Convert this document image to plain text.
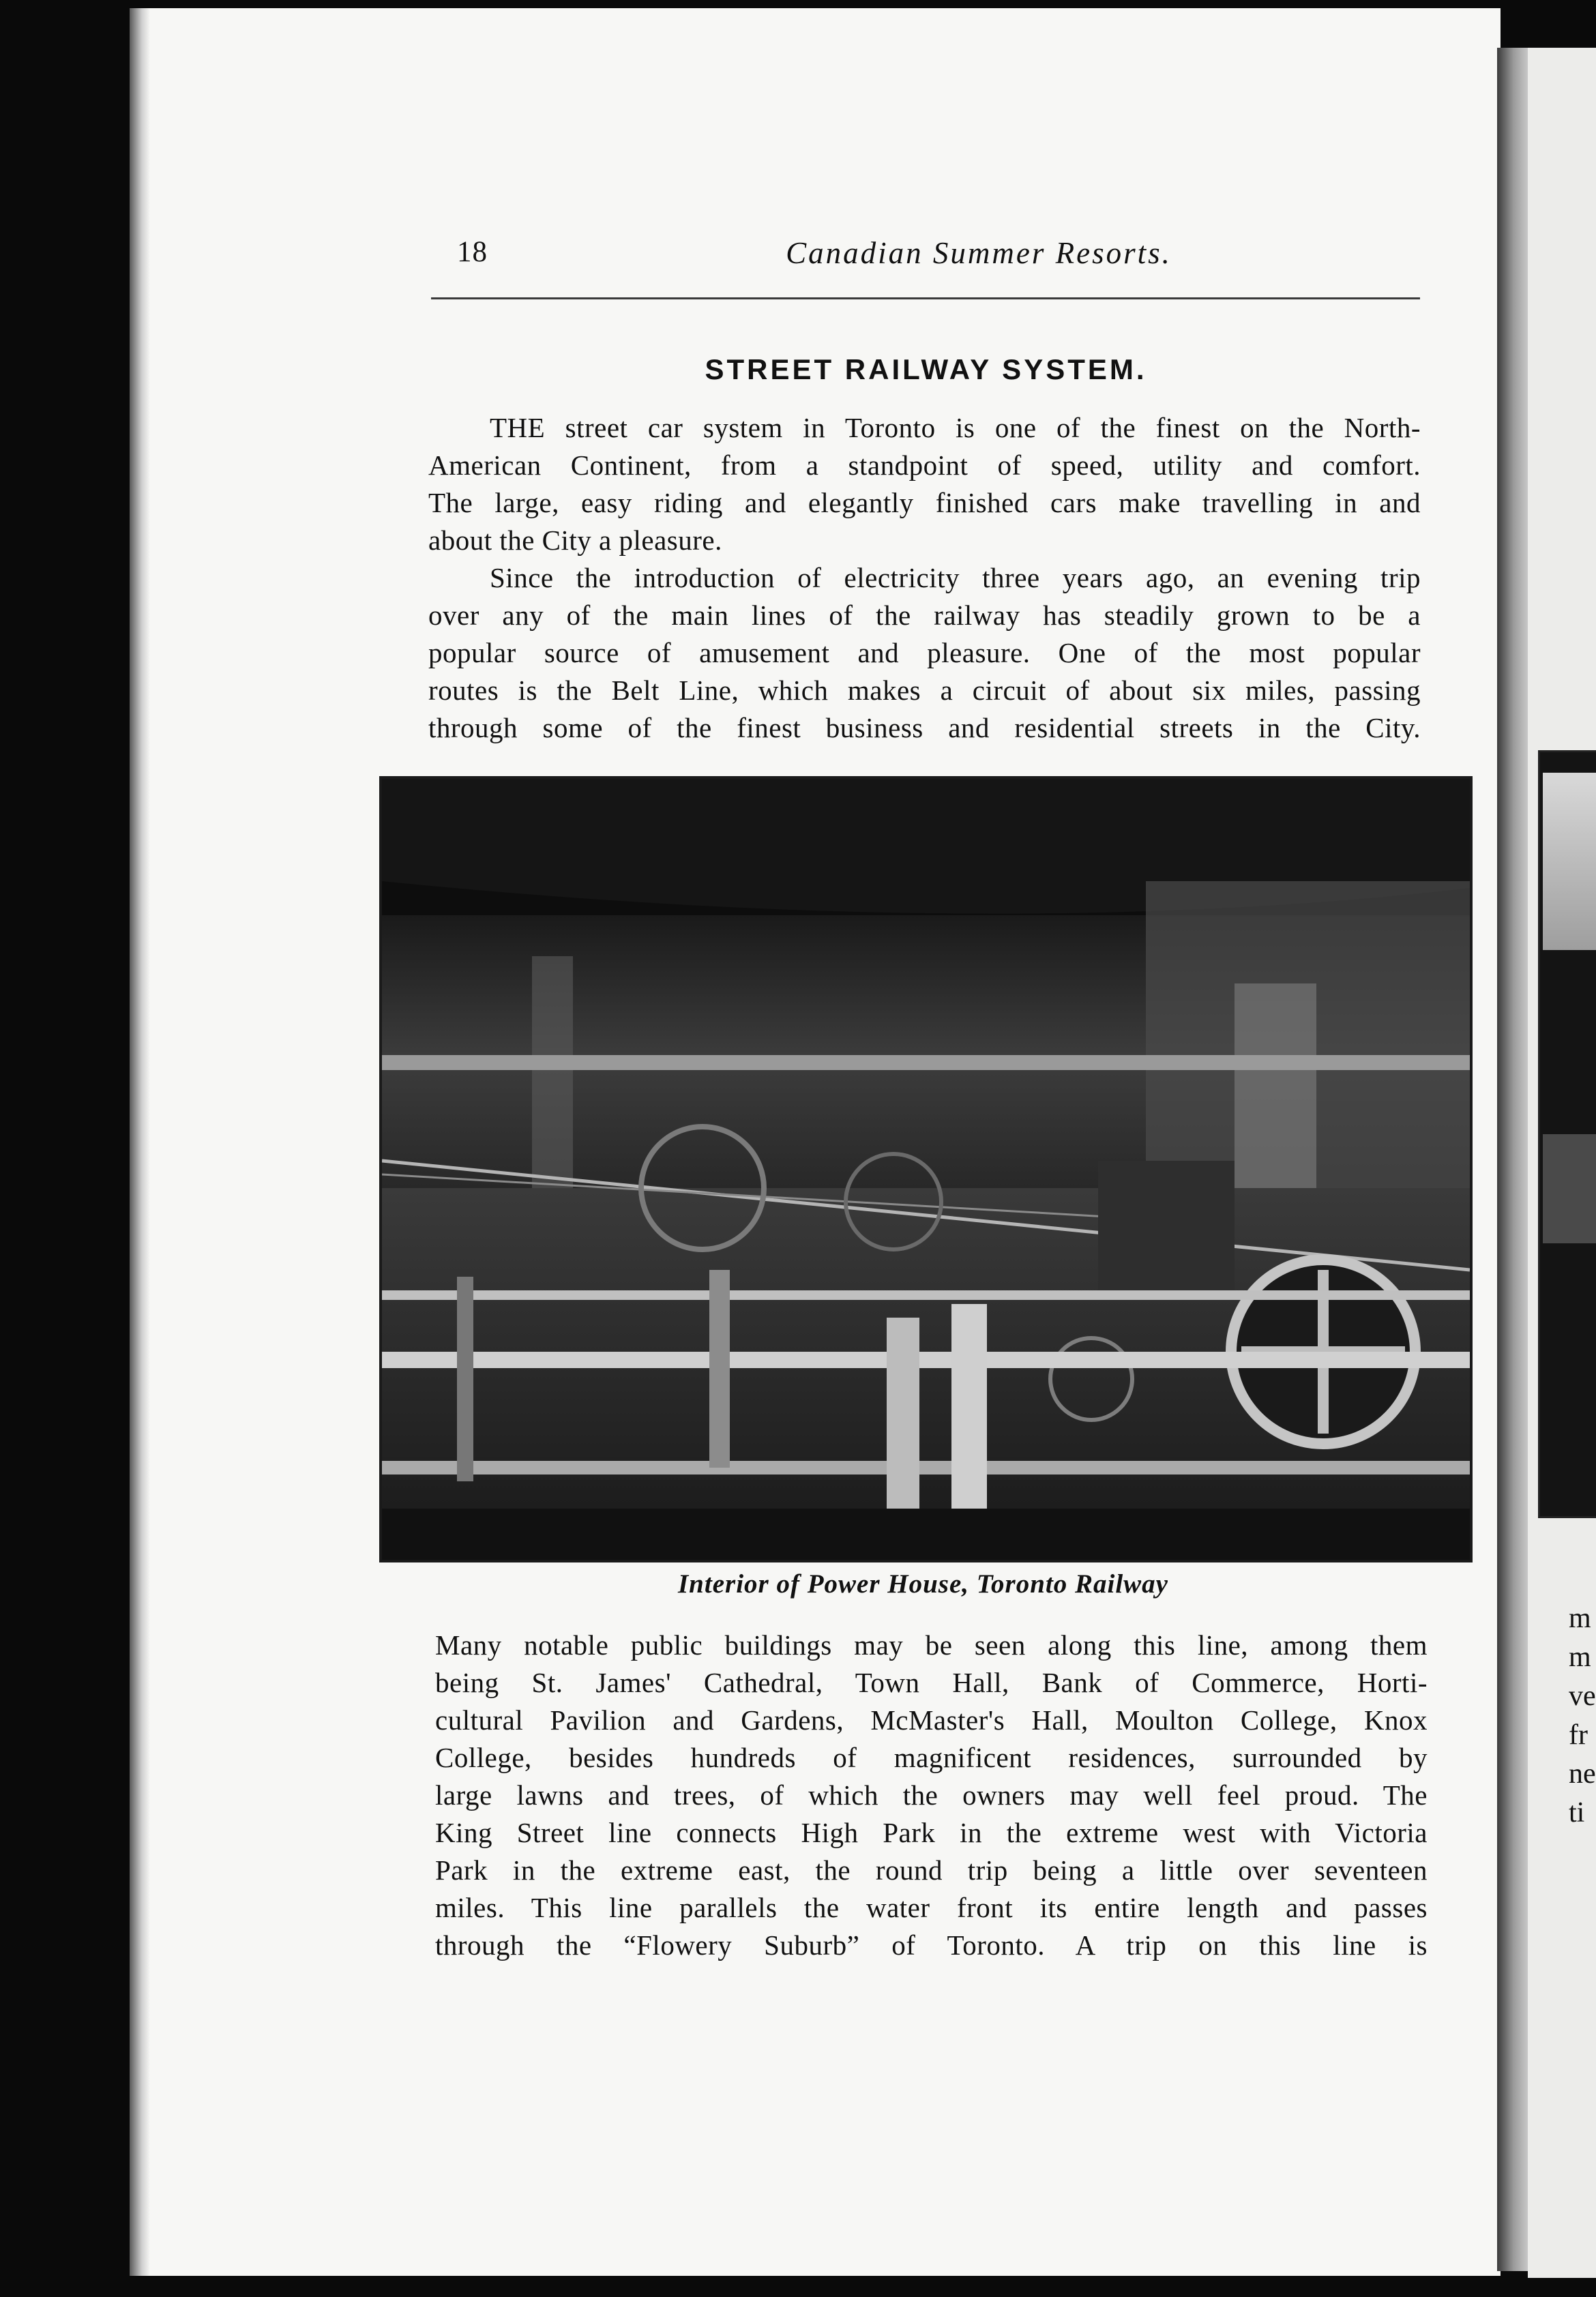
m
m
ve
fr
ne
ti
18	Canadian Summer Resorts.
STREET RAILWAY SYSTEM.
THE street car system in Toronto is one of the finest on the North-
American Continent, from a standpoint of speed, utility and comfort.
The large, easy riding and elegantly finished cars make travelling in and
about the City a pleasure.
Since the introduction of electricity three years ago, an evening trip
over any of the main lines of the railway has steadily grown to be a
popular source of amusement and pleasure. One of the most popular
routes is the Belt Line, which makes a circuit of about six miles, passing
through some of the finest business and residential streets in the City.
Interior of Power House, Toronto Railway
Many notable public buildings may be seen along this line, among them
being St. James' Cathedral, Town Hall, Bank of Commerce, Horti-
cultural Pavilion and Gardens, McMaster's Hall, Moulton College, Knox
College, besides hundreds of magnificent residences, surrounded by
large lawns and trees, of which the owners may well feel proud. The
King Street line connects High Park in the extreme west with Victoria
Park in the extreme east, the round trip being a little over seventeen
miles. This line parallels the water front its entire length and passes
through the “Flowery Suburb” of Toronto. A trip on this line is
